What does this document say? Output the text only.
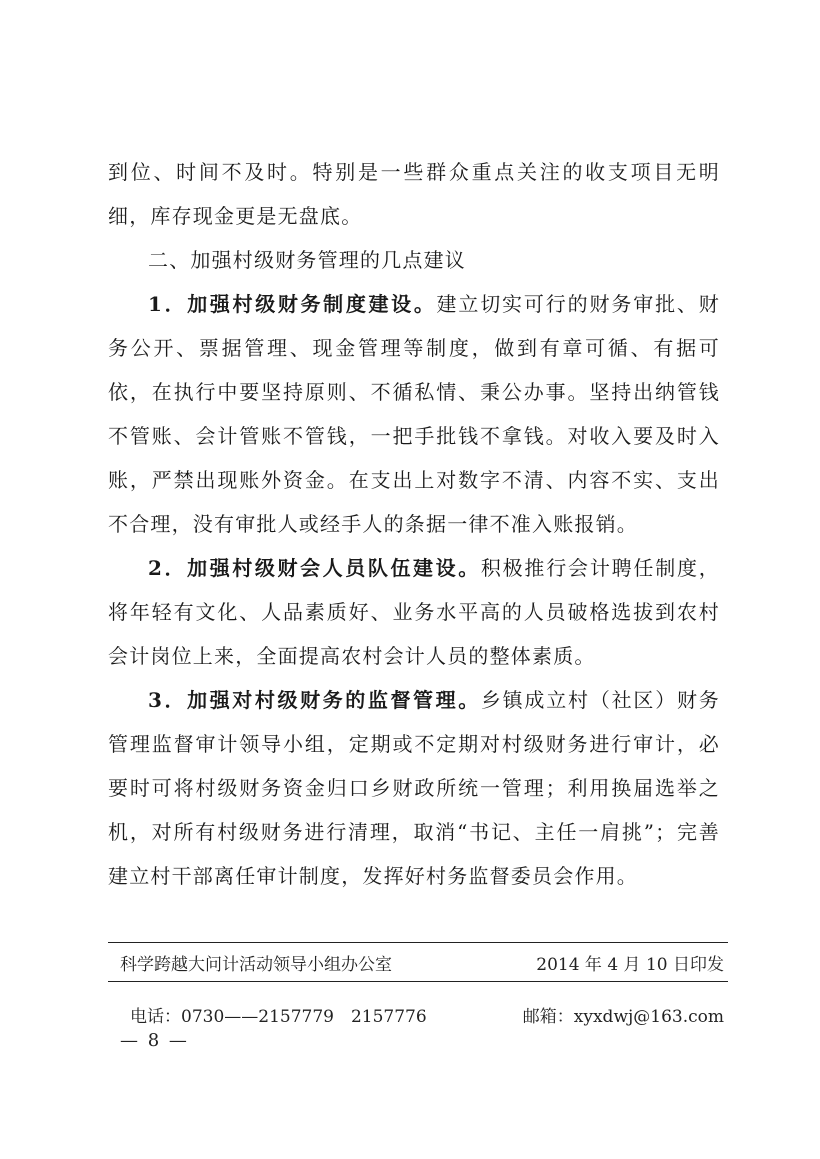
到位、时间不及时。特别是一些群众重点关注的收支项目无明细，库存现金更是无盘底。

二、加强村级财务管理的几点建议

1．加强村级财务制度建设。建立切实可行的财务审批、财务公开、票据管理、现金管理等制度，做到有章可循、有据可依，在执行中要坚持原则、不循私情、秉公办事。坚持出纳管钱不管账、会计管账不管钱，一把手批钱不拿钱。对收入要及时入账，严禁出现账外资金。在支出上对数字不清、内容不实、支出不合理，没有审批人或经手人的条据一律不准入账报销。

2．加强村级财会人员队伍建设。积极推行会计聘任制度，将年轻有文化、人品素质好、业务水平高的人员破格选拔到农村会计岗位上来，全面提高农村会计人员的整体素质。

3．加强对村级财务的监督管理。乡镇成立村（社区）财务管理监督审计领导小组，定期或不定期对村级财务进行审计，必要时可将村级财务资金归口乡财政所统一管理；利用换届选举之机，对所有村级财务进行清理，取消“书记、主任一肩挑”；完善建立村干部离任审计制度，发挥好村务监督委员会作用。

科学跨越大问计活动领导小组办公室	2014 年 4 月 10 日印发
电话：0730——2157779　2157776	邮箱：xyxdwj@163.com
— 8 —
